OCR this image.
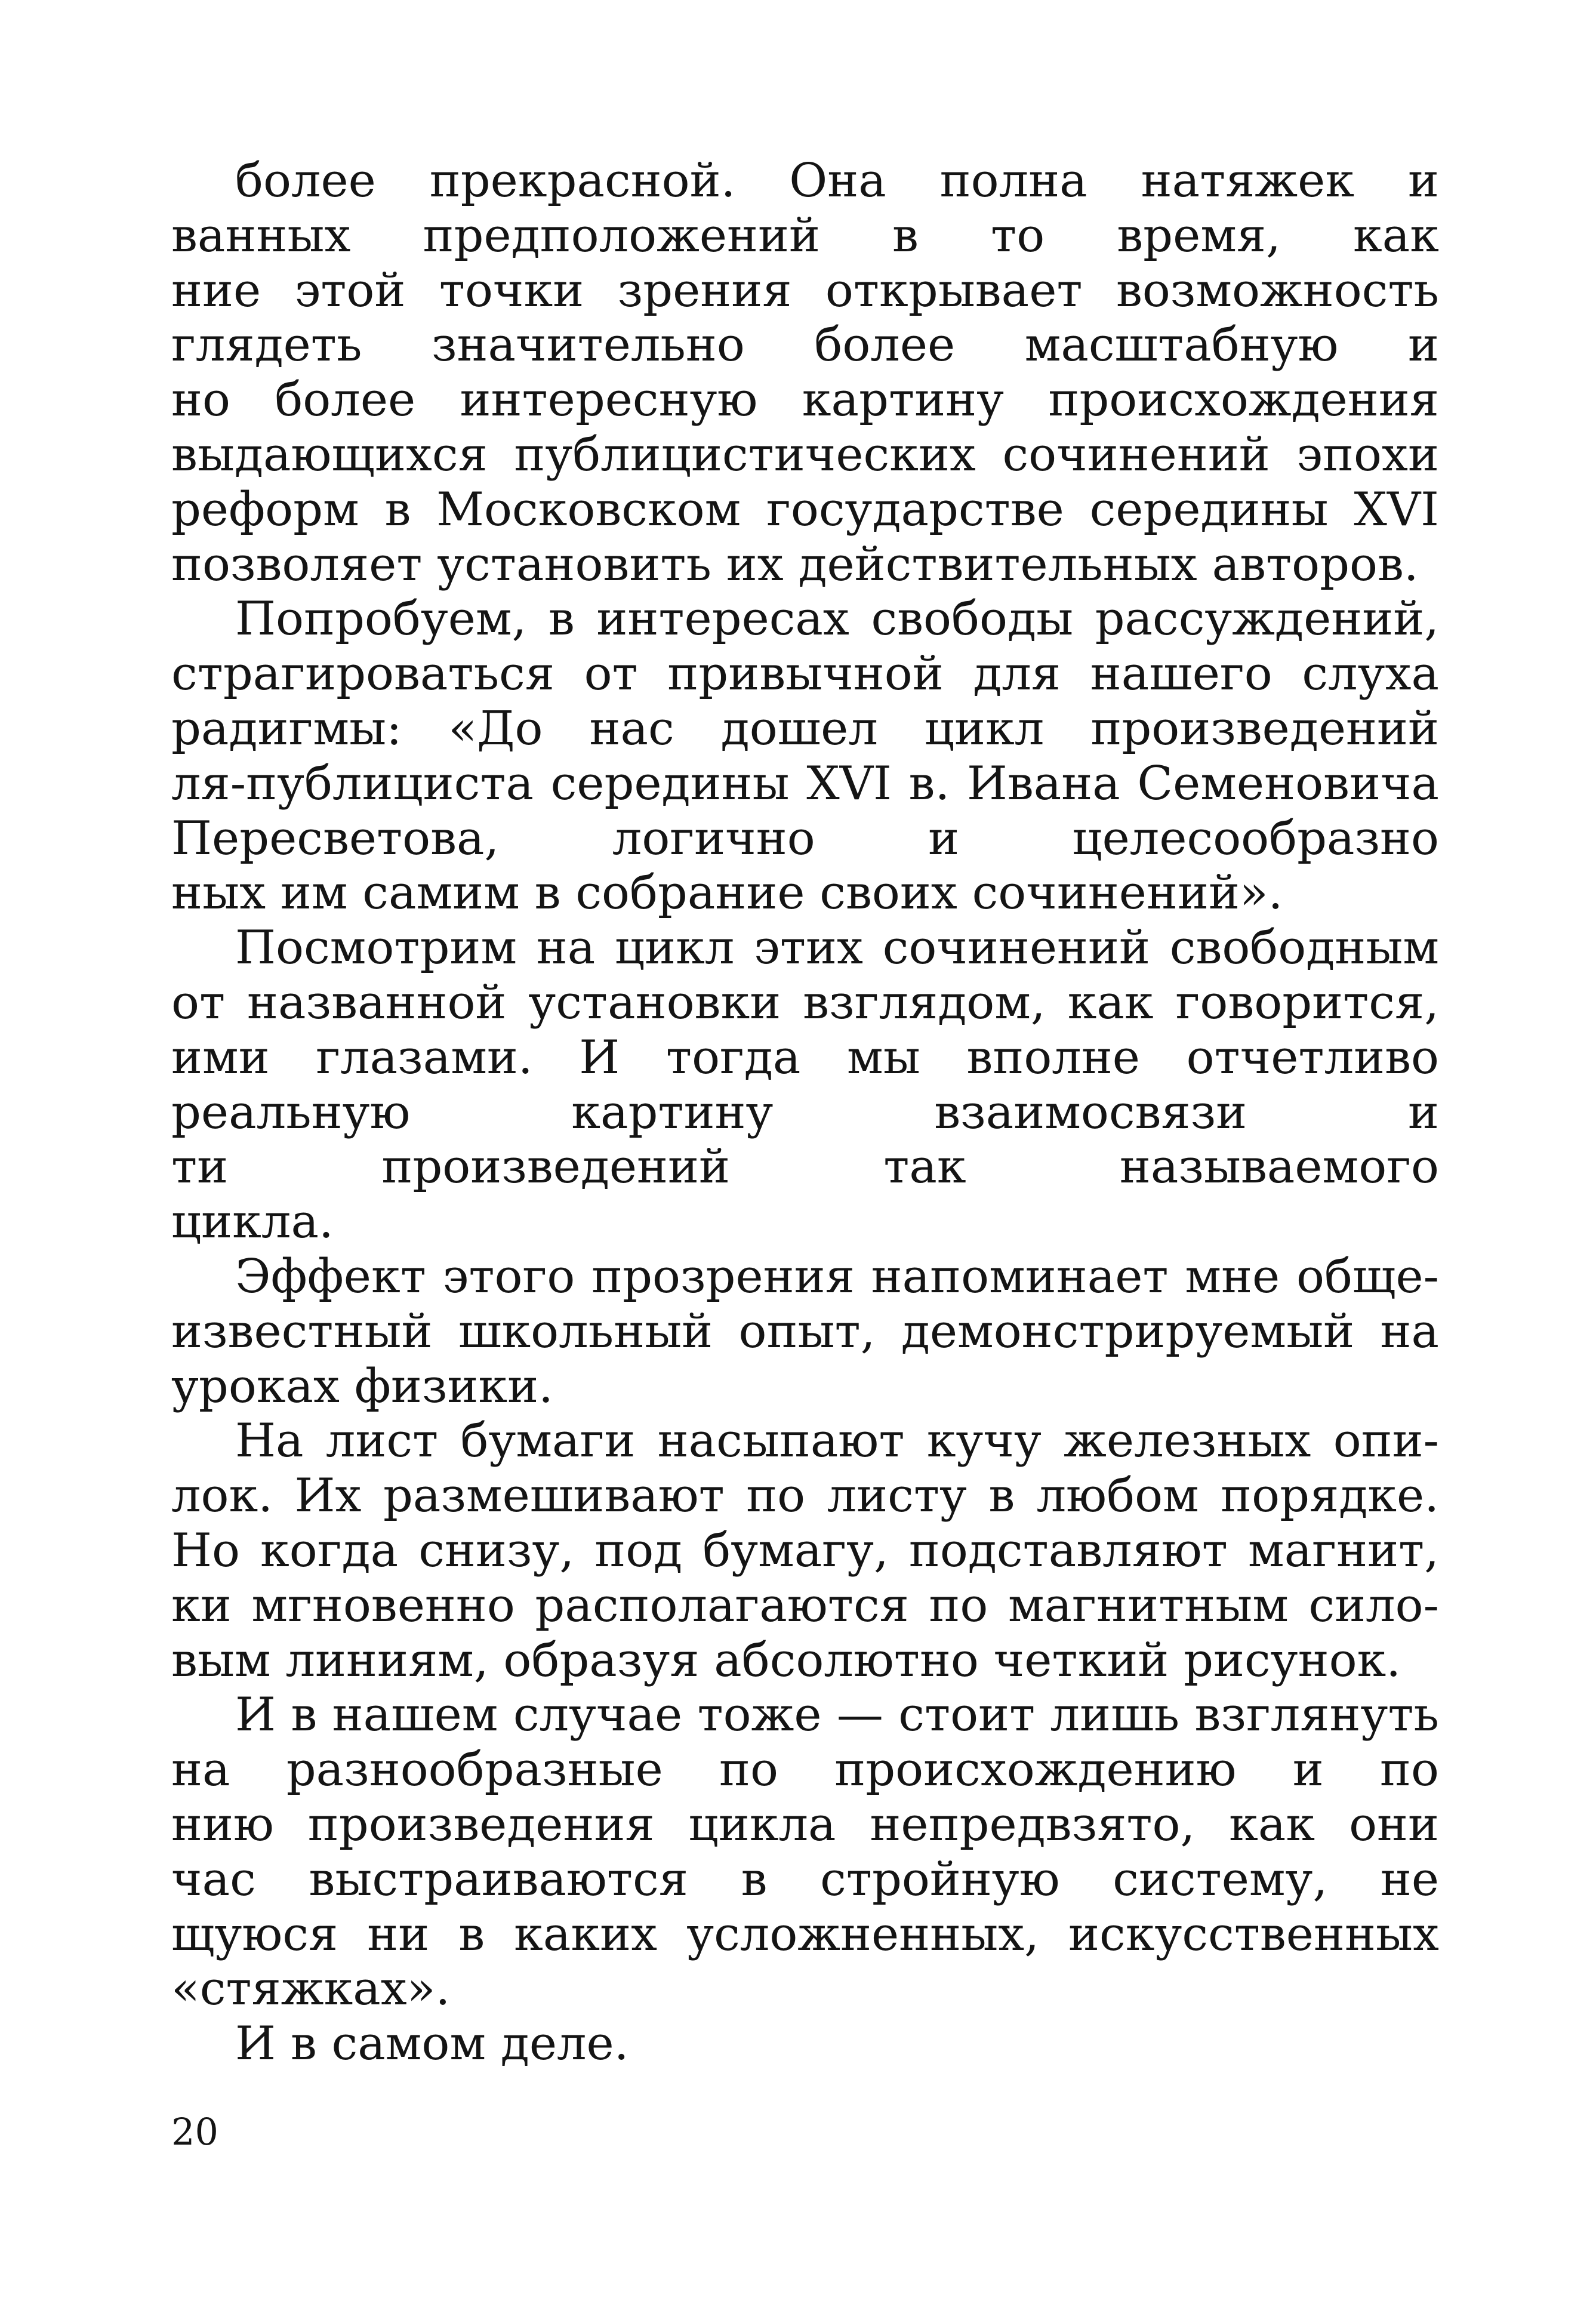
более прекрасной. Она полна натяжек и
ванных предположений в то время, как
ние этой точки зрения открывает возможность
глядеть значительно более масштабную и
но более интересную картину происхождения
выдающихся публицистических сочинений эпохи
реформ в Московском государстве середины XVI
позволяет установить их действительных авторов.
Попробуем, в интересах свободы рассуждений,
страгироваться от привычной для нашего слуха
радигмы: «До нас дошел цикл произведений
ля-публициста середины XVI в. Ивана Семеновича
Пересветова, логично и целесообразно
ных им самим в собрание своих сочинений».
Посмотрим на цикл этих сочинений свободным
от названной установки взглядом, как говорится,
ими глазами. И тогда мы вполне отчетливо
реальную картину взаимосвязи и
ти произведений так называемого
цикла.
Эффект этого прозрения напоминает мне обще-
известный школьный опыт, демонстрируемый на
уроках физики.
На лист бумаги насыпают кучу железных опи-
лок. Их размешивают по листу в любом порядке.
Но когда снизу, под бумагу, подставляют магнит,
ки мгновенно располагаются по магнитным сило-
вым линиям, образуя абсолютно четкий рисунок.
И в нашем случае тоже — стоит лишь взглянуть
на разнообразные по происхождению и по
нию произведения цикла непредвзято, как они
час выстраиваются в стройную систему, не
щуюся ни в каких усложненных, искусственных
«стяжках».
И в самом деле.
20
